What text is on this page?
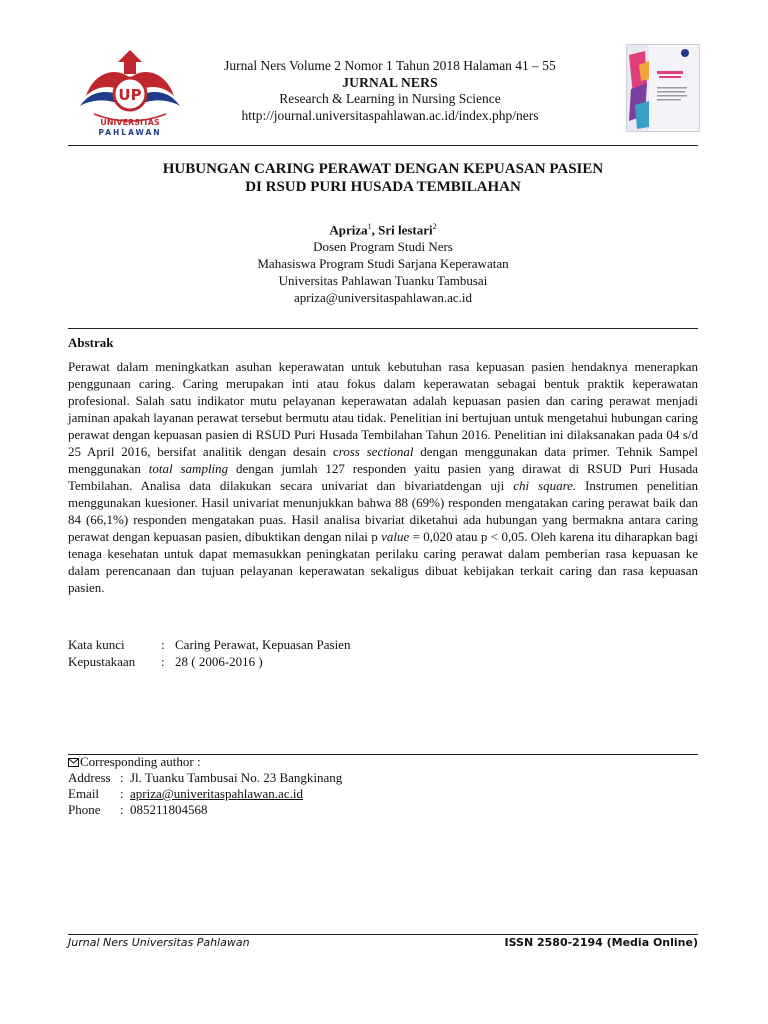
UP
UNIVERSITAS
PAHLAWAN
Jurnal Ners Volume 2 Nomor 1 Tahun 2018 Halaman 41 – 55
JURNAL NERS
Research & Learning in Nursing Science
http://journal.universitaspahlawan.ac.id/index.php/ners
HUBUNGAN CARING PERAWAT DENGAN KEPUASAN PASIEN
DI RSUD PURI HUSADA TEMBILAHAN
Apriza$^1$, Sri lestari$^2$
Dosen Program Studi Ners
Mahasiswa Program Studi Sarjana Keperawatan
Universitas Pahlawan Tuanku Tambusai
apriza@universitaspahlawan.ac.id
Abstrak

Perawat dalam meningkatkan asuhan keperawatan untuk kebutuhan rasa kepuasan pasien hendaknya menerapkan penggunaan caring. Caring merupakan inti atau fokus dalam keperawatan sebagai bentuk praktik keperawatan profesional. Salah satu indikator mutu pelayanan keperawatan adalah kepuasan pasien dan caring perawat menjadi jaminan apakah layanan perawat tersebut bermutu atau tidak. Penelitian ini bertujuan untuk mengetahui hubungan caring perawat dengan kepuasan pasien di RSUD Puri Husada Tembilahan Tahun 2016. Penelitian ini dilaksanakan pada 04 s/d 25 April 2016, bersifat analitik dengan desain cross sectional dengan menggunakan data primer. Tehnik Sampel menggunakan total sampling dengan jumlah 127 responden yaitu pasien yang dirawat di RSUD Puri Husada Tembilahan. Analisa data dilakukan secara univariat dan bivariatdengan uji chi square. Instrumen penelitian menggunakan kuesioner. Hasil univariat menunjukkan bahwa 88 (69%) responden mengatakan caring perawat baik dan 84 (66,1%) responden mengatakan puas. Hasil analisa bivariat diketahui ada hubungan yang bermakna antara caring perawat dengan kepuasan pasien, dibuktikan dengan nilai p value = 0,020 atau p < 0,05. Oleh karena itu diharapkan bagi tenaga kesehatan untuk dapat memasukkan peningkatan perilaku caring perawat dalam pemberian rasa kepuasan ke dalam perencanaan dan tujuan pelayanan keperawatan sekaligus dibuat kebijakan terkait caring dan rasa kepuasan pasien.

Kata kunci	: Caring Perawat, Kepuasan Pasien
Kepustakaan	: 28 ( 2006-2016 )
Corresponding author :
Address : Jl. Tuanku Tambusai No. 23 Bangkinang
Email	: apriza@univeritaspahlawan.ac.id
Phone	: 085211804568
Jurnal Ners Universitas Pahlawan	ISSN 2580-2194 (Media Online)
